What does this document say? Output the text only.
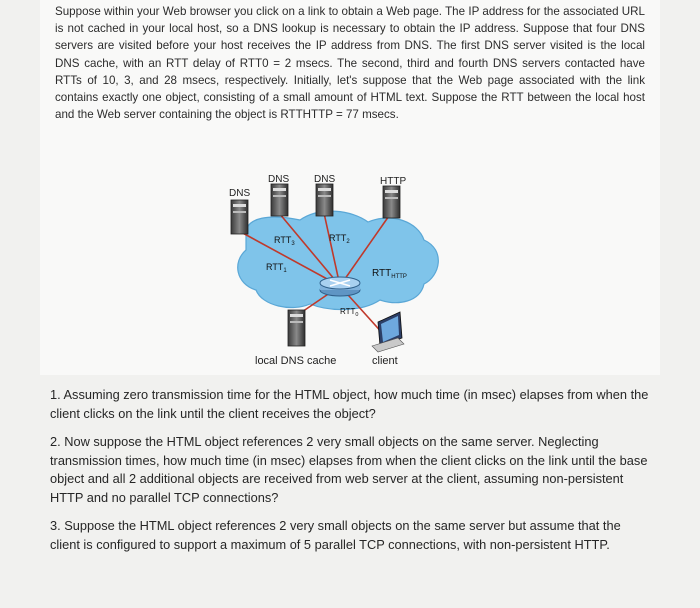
Suppose within your Web browser you click on a link to obtain a Web page. The IP address for the associated URL is not cached in your local host, so a DNS lookup is necessary to obtain the IP address. Suppose that four DNS servers are visited before your host receives the IP address from DNS. The first DNS server visited is the local DNS cache, with an RTT delay of RTT0 = 2 msecs. The second, third and fourth DNS servers contacted have RTTs of 10, 3, and 28 msecs, respectively. Initially, let's suppose that the Web page associated with the link contains exactly one object, consisting of a small amount of HTML text. Suppose the RTT between the local host and the Web server containing the object is RTTHTTP = 77 msecs.

DNS
DNS DNS	HTTP
$RTT_3$
$RTT_2$
$RTT_1$	$RTT_{HTTP}$
$RTT_0$
local DNS cache	client

1. Assuming zero transmission time for the HTML object, how much time (in msec) elapses from when the client clicks on the link until the client receives the object?

2. Now suppose the HTML object references 2 very small objects on the same server. Neglecting transmission times, how much time (in msec) elapses from when the client clicks on the link until the base object and all 2 additional objects are received from web server at the client, assuming non-persistent HTTP and no parallel TCP connections?

3. Suppose the HTML object references 2 very small objects on the same server but assume that the client is configured to support a maximum of 5 parallel TCP connections, with non-persistent HTTP.
